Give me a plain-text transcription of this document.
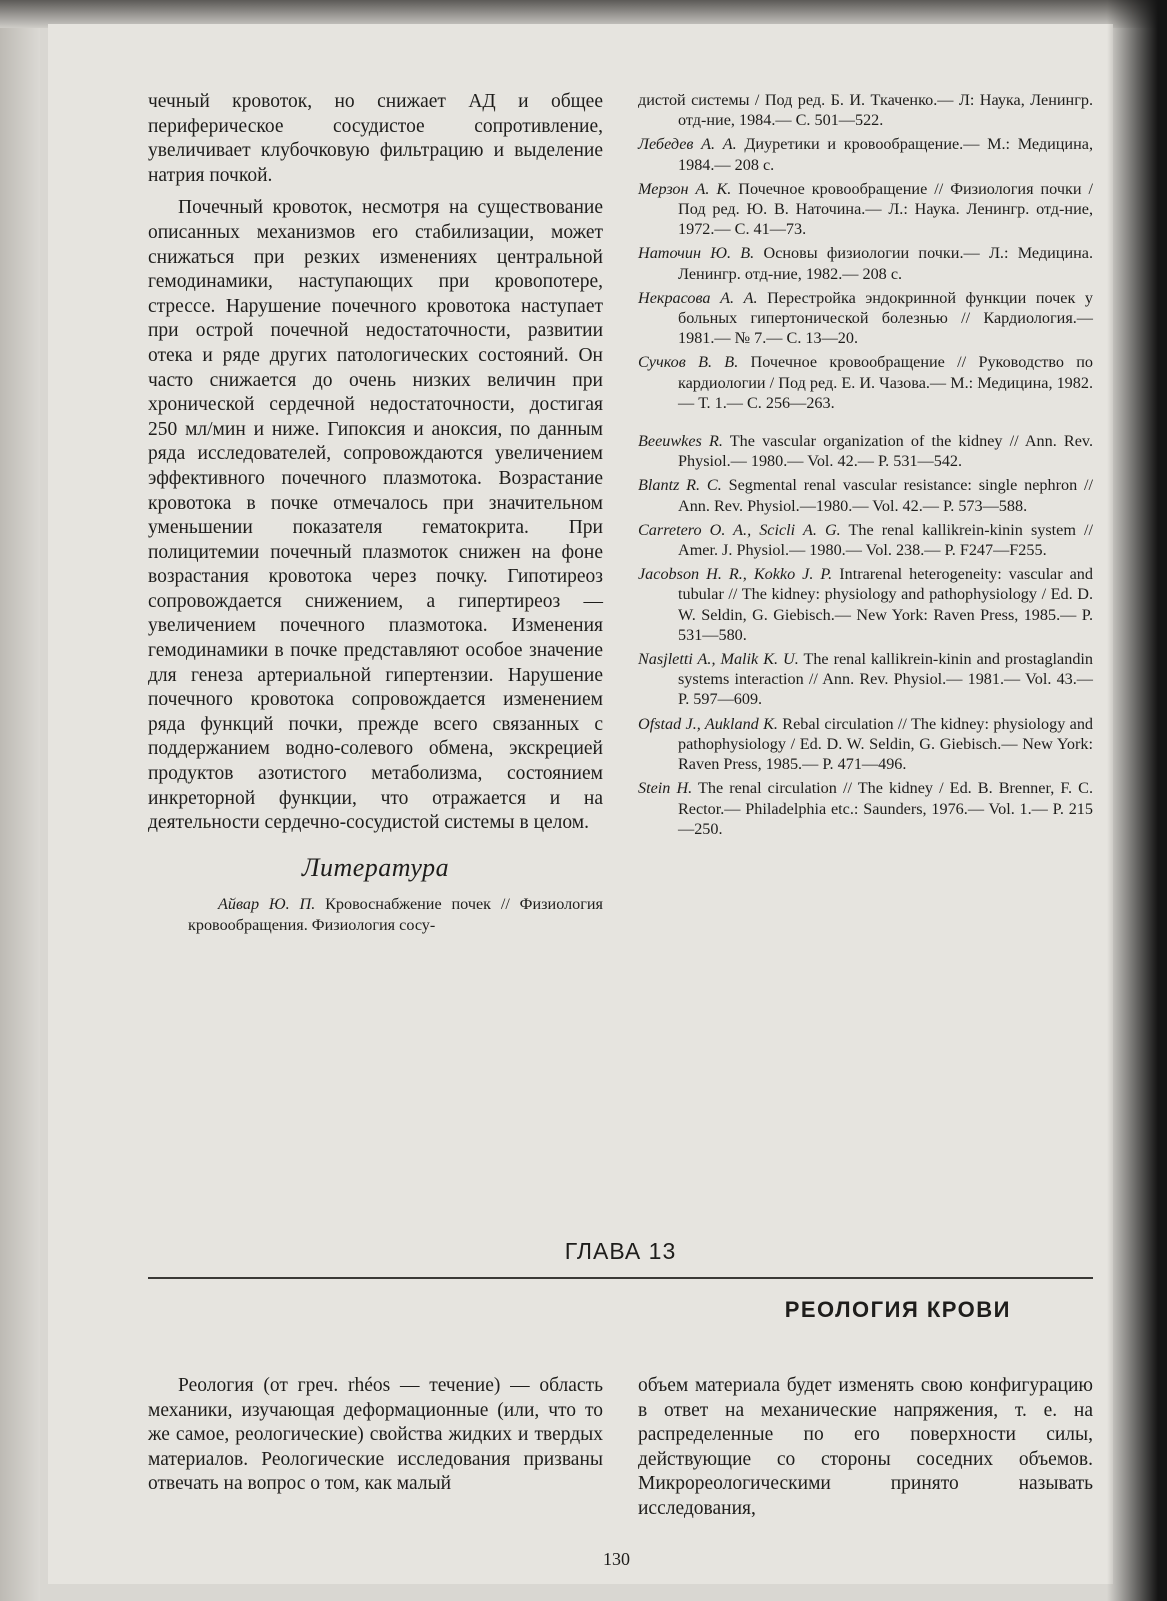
чечный кровоток, но снижает АД и общее периферическое сосудистое сопротивление, увеличивает клубочковую фильтрацию и выделение натрия почкой.

Почечный кровоток, несмотря на существование описанных механизмов его стабилизации, может снижаться при резких изменениях центральной гемодинамики, наступающих при кровопотере, стрессе. Нарушение почечного кровотока наступает при острой почечной недостаточности, развитии отека и ряде других патологических состояний. Он часто снижается до очень низких величин при хронической сердечной недостаточности, достигая 250 мл/мин и ниже. Гипоксия и аноксия, по данным ряда исследователей, сопровождаются увеличением эффективного почечного плазмотока. Возрастание кровотока в почке отмечалось при значительном уменьшении показателя гематокрита. При полицитемии почечный плазмоток снижен на фоне возрастания кровотока через почку. Гипотиреоз сопровождается снижением, а гипертиреоз — увеличением почечного плазмотока. Изменения гемодинамики в почке представляют особое значение для генеза артериальной гипертензии. Нарушение почечного кровотока сопровождается изменением ряда функций почки, прежде всего связанных с поддержанием водно-солевого обмена, экскрецией продуктов азотистого метаболизма, состоянием инкреторной функции, что отражается и на деятельности сердечно-сосудистой системы в целом.

Литература

Айвар Ю. П. Кровоснабжение почек // Физиология кровообращения. Физиология сосу-

дистой системы / Под ред. Б. И. Ткаченко.— Л: Наука, Ленингр. отд-ние, 1984.— С. 501—522.

Лебедев А. А. Диуретики и кровообращение.— М.: Медицина, 1984.— 208 с.

Мерзон А. К. Почечное кровообращение // Физиология почки / Под ред. Ю. В. Наточина.— Л.: Наука. Ленингр. отд-ние, 1972.— С. 41—73.

Наточин Ю. В. Основы физиологии почки.— Л.: Медицина. Ленингр. отд-ние, 1982.— 208 с.

Некрасова А. А. Перестройка эндокринной функции почек у больных гипертонической болезнью // Кардиология.— 1981.— № 7.— С. 13—20.

Сучков В. В. Почечное кровообращение // Руководство по кардиологии / Под ред. Е. И. Чазова.— М.: Медицина, 1982.— Т. 1.— С. 256—263.

Beeuwkes R. The vascular organization of the kidney // Ann. Rev. Physiol.— 1980.— Vol. 42.— P. 531—542.

Blantz R. C. Segmental renal vascular resistance: single nephron // Ann. Rev. Physiol.—1980.— Vol. 42.— P. 573—588.

Carretero O. A., Scicli A. G. The renal kallikrein-kinin system // Amer. J. Physiol.— 1980.— Vol. 238.— P. F247—F255.

Jacobson H. R., Kokko J. P. Intrarenal heterogeneity: vascular and tubular // The kidney: physiology and pathophysiology / Ed. D. W. Seldin, G. Giebisch.— New York: Raven Press, 1985.— P. 531—580.

Nasjletti A., Malik K. U. The renal kallikrein-kinin and prostaglandin systems interaction // Ann. Rev. Physiol.— 1981.— Vol. 43.— P. 597—609.

Ofstad J., Aukland K. Rebal circulation // The kidney: physiology and pathophysiology / Ed. D. W. Seldin, G. Giebisch.— New York: Raven Press, 1985.— P. 471—496.

Stein H. The renal circulation // The kidney / Ed. B. Brenner, F. C. Rector.— Philadelphia etc.: Saunders, 1976.— Vol. 1.— P. 215—250.

ГЛАВА 13
РЕОЛОГИЯ КРОВИ
Реология (от греч. rhéos — течение) — область механики, изучающая деформационные (или, что то же самое, реологические) свойства жидких и твердых материалов. Реологические исследования призваны отвечать на вопрос о том, как малый
объем материала будет изменять свою конфигурацию в ответ на механические напряжения, т. е. на распределенные по его поверхности силы, действующие со стороны соседних объемов. Микрореологическими принято называть исследования,
130
